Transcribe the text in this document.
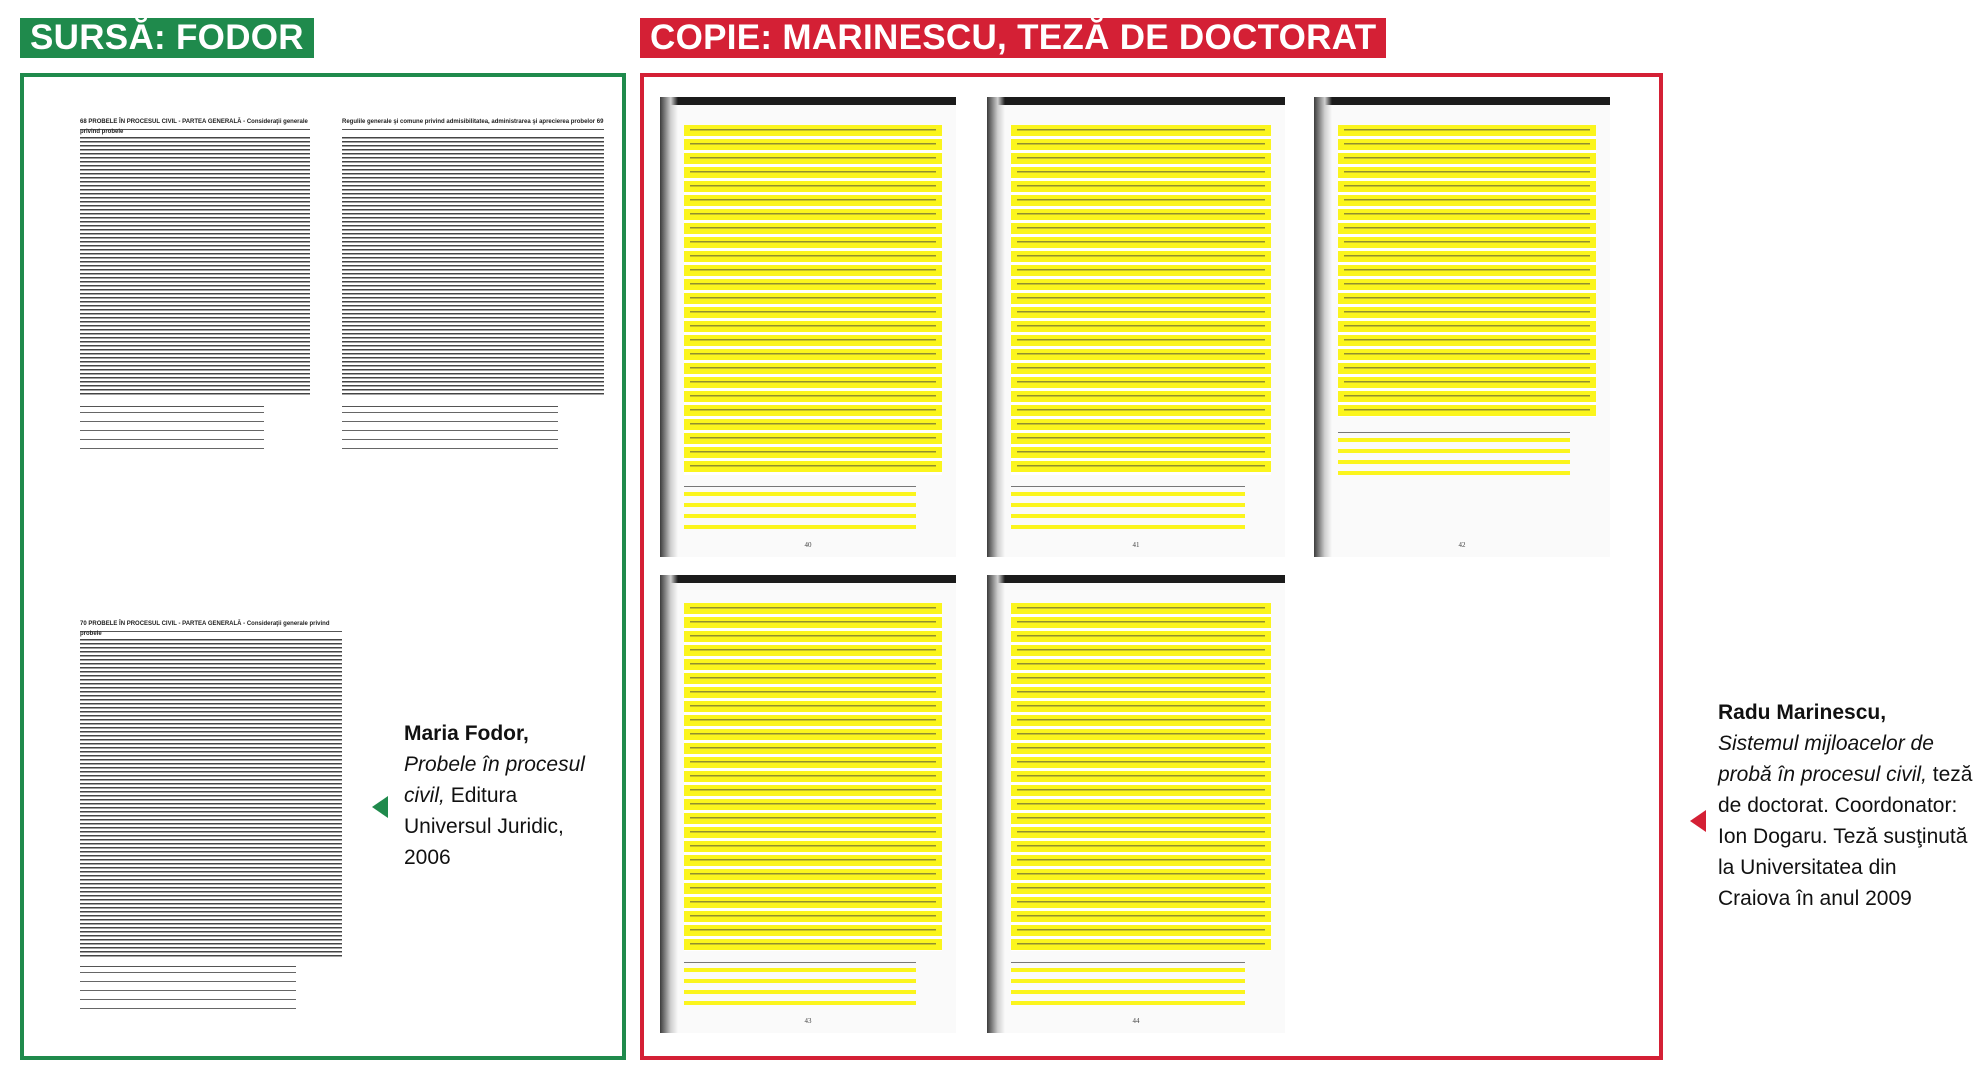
SURSĂ: FODOR	COPIE: MARINESCU, TEZĂ DE DOCTORAT
68 PROBELE ÎN PROCESUL CIVIL - PARTEA GENERALĂ - Consideraţii generale privind probele
Regulile generale şi comune privind admisibilitatea, administrarea şi aprecierea probelor 69
70 PROBELE ÎN PROCESUL CIVIL - PARTEA GENERALĂ - Consideraţii generale privind probele
40	41	42
43	44
Maria Fodor,
Probele în procesul civil, Editura Universul Juridic, 2006
Radu Marinescu,
Sistemul mijloacelor de probă în procesul civil, teză de doctorat. Coordonator: Ion Dogaru. Teză susţinută la Universitatea din Craiova în anul 2009
